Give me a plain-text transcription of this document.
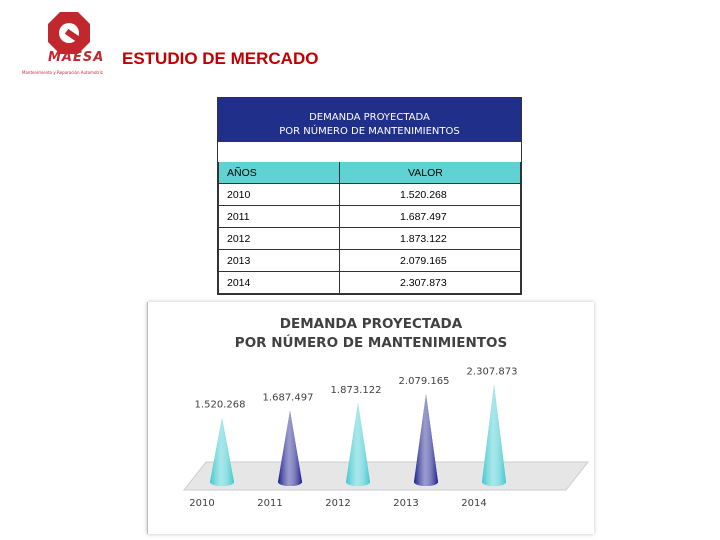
MAESA
Mantenimiento y Reparación Automotriz
ESTUDIO DE MERCADO
DEMANDA PROYECTADA
POR NÚMERO DE MANTENIMIENTOS
AÑOS	VALOR
2010	1.520.268
2011	1.687.497
2012	1.873.122
2013	2.079.165
2014	2.307.873
DEMANDA PROYECTADA
POR NÚMERO DE MANTENIMIENTOS
1.520.268
2010
1.687.497
2011
1.873.122
2012
2.079.165
2013
2.307.873
2014
